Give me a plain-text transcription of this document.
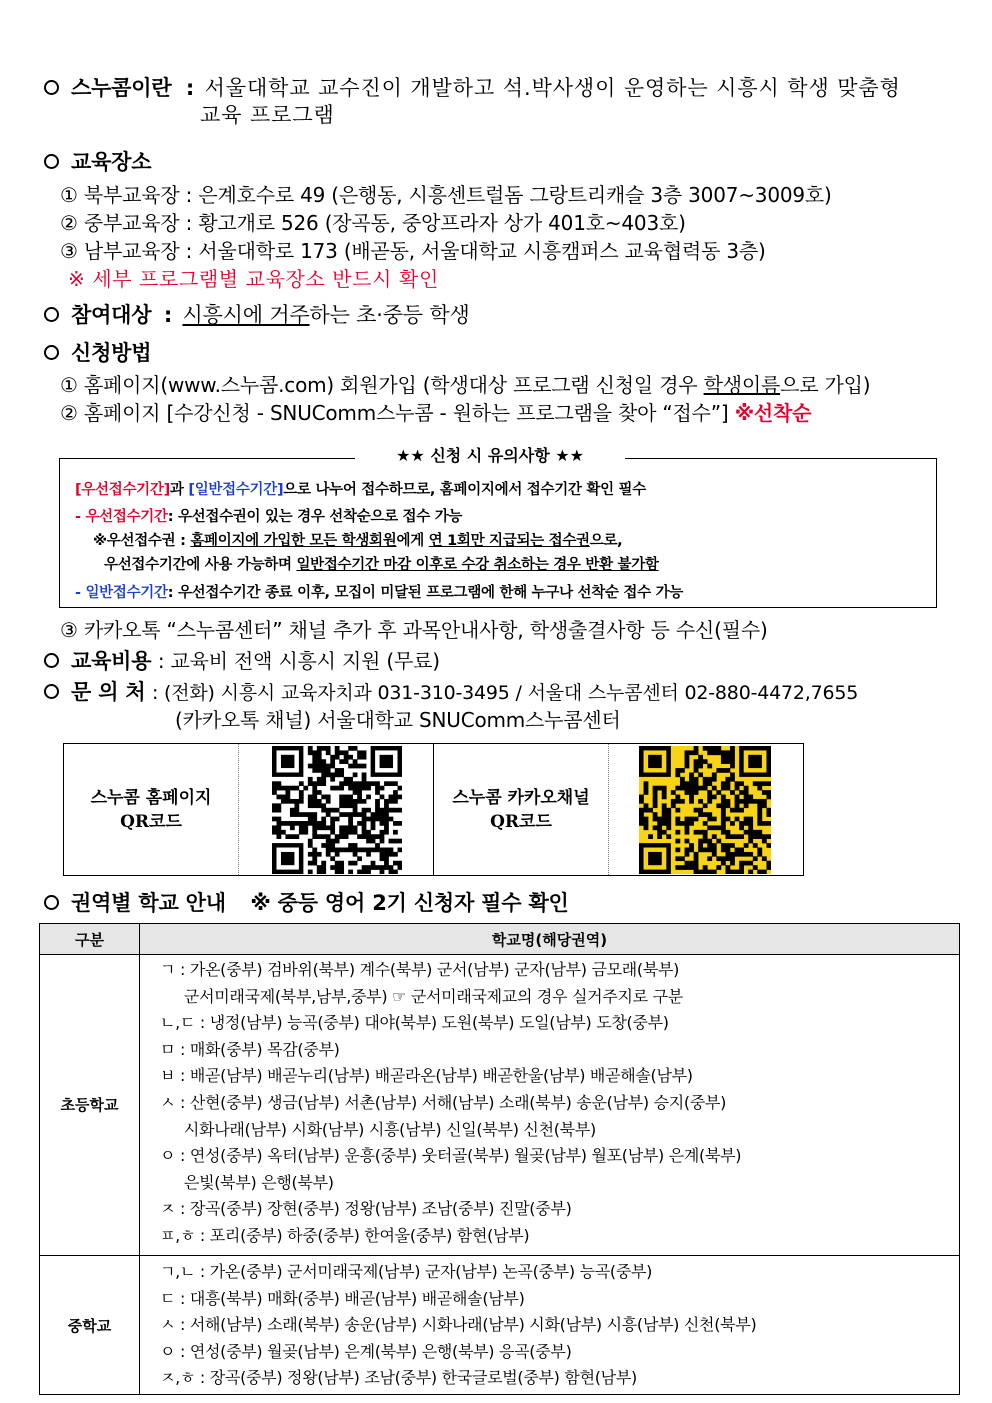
스누콤이란 : 서울대학교 교수진이 개발하고 석.박사생이 운영하는 시흥시 학생 맞춤형
교육 프로그램
교육장소
① 북부교육장 : 은계호수로 49 (은행동, 시흥센트럴돔 그랑트리캐슬 3층 3007~3009호)
② 중부교육장 : 황고개로 526 (장곡동, 중앙프라자 상가 401호~403호)
③ 남부교육장 : 서울대학로 173 (배곧동, 서울대학교 시흥캠퍼스 교육협력동 3층)
※ 세부 프로그램별 교육장소 반드시 확인
참여대상 : 시흥시에 거주하는 초·중등 학생
신청방법
① 홈페이지(www.스누콤.com) 회원가입 (학생대상 프로그램 신청일 경우 학생이름으로 가입)
② 홈페이지 [수강신청 - SNUComm스누콤 - 원하는 프로그램을 찾아 “접수”] ※선착순
★★ 신청 시 유의사항 ★★
[우선접수기간]과 [일반접수기간]으로 나누어 접수하므로, 홈페이지에서 접수기간 확인 필수
- 우선접수기간: 우선접수권이 있는 경우 선착순으로 접수 가능
※우선접수권 : 홈페이지에 가입한 모든 학생회원에게 연 1회만 지급되는 접수권으로,
우선접수기간에 사용 가능하며 일반접수기간 마감 이후로 수강 취소하는 경우 반환 불가함
- 일반접수기간: 우선접수기간 종료 이후, 모집이 미달된 프로그램에 한해 누구나 선착순 접수 가능
③ 카카오톡 “스누콤센터” 채널 추가 후 과목안내사항, 학생출결사항 등 수신(필수)
교육비용 : 교육비 전액 시흥시 지원 (무료)
문 의 처 : (전화) 시흥시 교육자치과 031-310-3495 / 서울대 스누콤센터 02-880-4472,7655
(카카오톡 채널) 서울대학교 SNUComm스누콤센터
스누콤 홈페이지
QR코드
스누콤 카카오채널
QR코드
권역별 학교 안내 ※ 중등 영어 2기 신청자 필수 확인
구분	학교명(해당권역)
초등학교
ㄱ : 가온(중부) 검바위(북부) 계수(북부) 군서(남부) 군자(남부) 금모래(북부)
군서미래국제(북부,남부,중부) ☞ 군서미래국제교의 경우 실거주지로 구분
ㄴ,ㄷ : 냉정(남부) 능곡(중부) 대야(북부) 도원(북부) 도일(남부) 도창(중부)
ㅁ : 매화(중부) 목감(중부)
ㅂ : 배곧(남부) 배곧누리(남부) 배곧라온(남부) 배곧한울(남부) 배곧해솔(남부)
ㅅ : 산현(중부) 생금(남부) 서촌(남부) 서해(남부) 소래(북부) 송운(남부) 승지(중부)
시화나래(남부) 시화(남부) 시흥(남부) 신일(북부) 신천(북부)
ㅇ : 연성(중부) 옥터(남부) 운흥(중부) 웃터골(북부) 월곶(남부) 월포(남부) 은계(북부)
은빛(북부) 은행(북부)
ㅈ : 장곡(중부) 장현(중부) 정왕(남부) 조남(중부) 진말(중부)
ㅍ,ㅎ : 포리(중부) 하중(중부) 한여울(중부) 함현(남부)
중학교
ㄱ,ㄴ : 가온(중부) 군서미래국제(남부) 군자(남부) 논곡(중부) 능곡(중부)
ㄷ : 대흥(북부) 매화(중부) 배곧(남부) 배곧해솔(남부)
ㅅ : 서해(남부) 소래(북부) 송운(남부) 시화나래(남부) 시화(남부) 시흥(남부) 신천(북부)
ㅇ : 연성(중부) 월곶(남부) 은계(북부) 은행(북부) 응곡(중부)
ㅈ,ㅎ : 장곡(중부) 정왕(남부) 조남(중부) 한국글로벌(중부) 함현(남부)
